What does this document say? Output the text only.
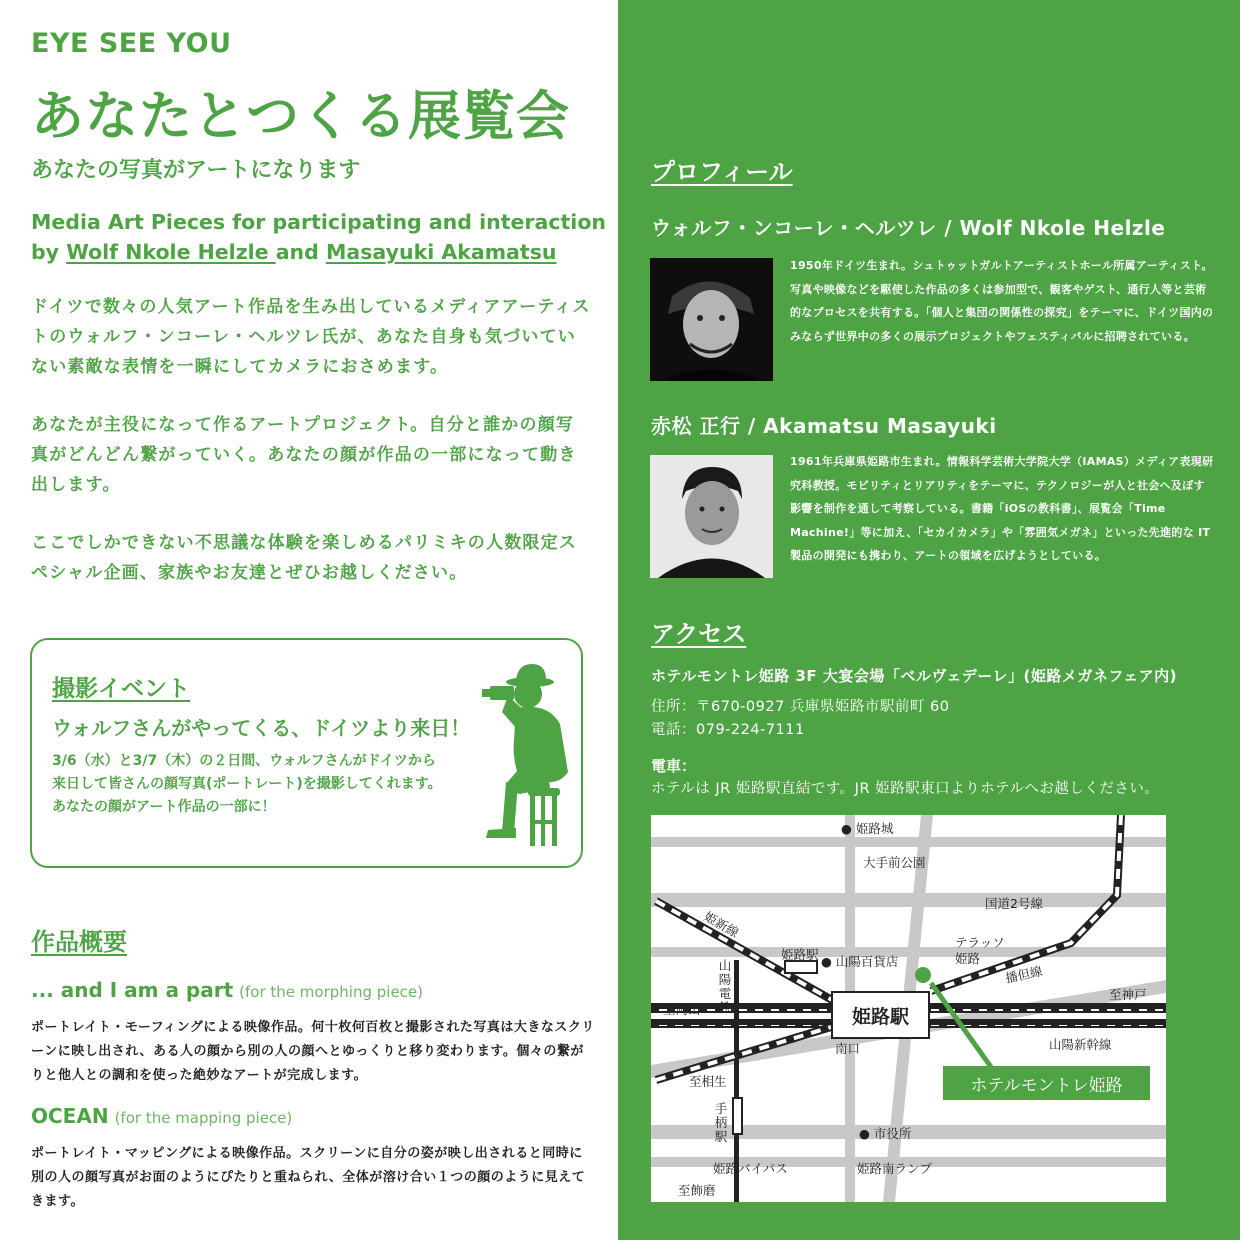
EYE SEE YOU
あなたとつくる展覧会
あなたの写真がアートになります
Media Art Pieces for participating and interaction
by Wolf Nkole Helzle and Masayuki Akamatsu

ドイツで数々の人気アート作品を生み出しているメディアアーティストのウォルフ・ンコーレ・ヘルツレ氏が、あなた自身も気づいていない素敵な表情を一瞬にしてカメラにおさめます。

あなたが主役になって作るアートプロジェクト。自分と誰かの顔写真がどんどん繋がっていく。あなたの顔が作品の一部になって動き出します。

ここでしかできない不思議な体験を楽しめるパリミキの人数限定スペシャル企画、家族やお友達とぜひお越しください。

撮影イベント
ウォルフさんがやってくる、ドイツより来日！
3/6（水）と3/7（木）の２日間、ウォルフさんがドイツから
来日して皆さんの顔写真(ポートレート)を撮影してくれます。
あなたの顔がアート作品の一部に！
作品概要
... and I am a part (for the morphing piece)

ポートレイト・モーフィングによる映像作品。何十枚何百枚と撮影された写真は大きなスクリーンに映し出され、ある人の顔から別の人の顔へとゆっくりと移り変わります。個々の繋がりと他人との調和を使った絶妙なアートが完成します。

OCEAN (for the mapping piece)

ポートレイト・マッピングによる映像作品。スクリーンに自分の姿が映し出されると同時に別の人の顔写真がお面のようにぴたりと重ねられ、全体が溶け合い１つの顔のように見えてきます。

プロフィール
ウォルフ・ンコーレ・ヘルツレ / Wolf Nkole Helzle

1950年ドイツ生まれ。シュトゥットガルトアーティストホール所属アーティスト。写真や映像などを駆使した作品の多くは参加型で、観客やゲスト、通行人等と芸術的なプロセスを共有する。「個人と集団の関係性の探究」をテーマに、ドイツ国内のみならず世界中の多くの展示プロジェクトやフェスティバルに招聘されている。

赤松 正行 / Akamatsu Masayuki

1961年兵庫県姫路市生まれ。情報科学芸術大学院大学（IAMAS）メディア表現研究科教授。モビリティとリアリティをテーマに、テクノロジーが人と社会へ及ぼす影響を制作を通して考察している。書籍「iOSの教科書」、展覧会「Time Machine!」等に加え、｢セカイカメラ」や「雰囲気メガネ」といった先進的な IT 製品の開発にも携わり、アートの領域を広げようとしている。

アクセス
ホテルモントレ姫路 3F 大宴会場「ベルヴェデーレ」(姫路メガネフェア内)
住所：〒670-0927 兵庫県姫路市駅前町 60
電話：079-224-7111
電車：
ホテルは JR 姫路駅直結です。JR 姫路駅東口よりホテルへお越しください。
● 姫路城
大手前公園
国道2号線
姫新線
姫路駅 ● 山陽百貨店
テラッソ
姫路
播但線
山陽電鉄
至岡山	姫路駅
至神戸
南口	山陽新幹線
至相生	ホテルモントレ姫路
手柄駅	● 市役所
姫路バイパス	姫路南ランプ
至飾磨
